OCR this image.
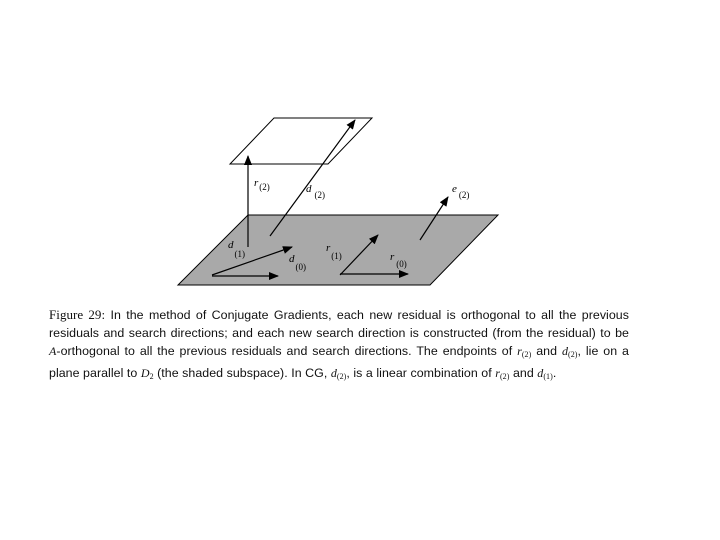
$r_{(2)}$	d $_{(2)}$	e $_{(2)}$
$d_{(1)}$	$d_{(0)}$
$r_{(1)}$	$r_{(0)}$
Figure 29: In the method of Conjugate Gradients, each new residual is orthogonal to all the previous residuals and search directions; and each new search direction is constructed (from the residual) to be A-orthogonal to all the previous residuals and search directions. The endpoints of r(2) and d(2), lie on a plane parallel to D2 (the shaded subspace). In CG, d(2), is a linear combination of r(2) and d(1).
